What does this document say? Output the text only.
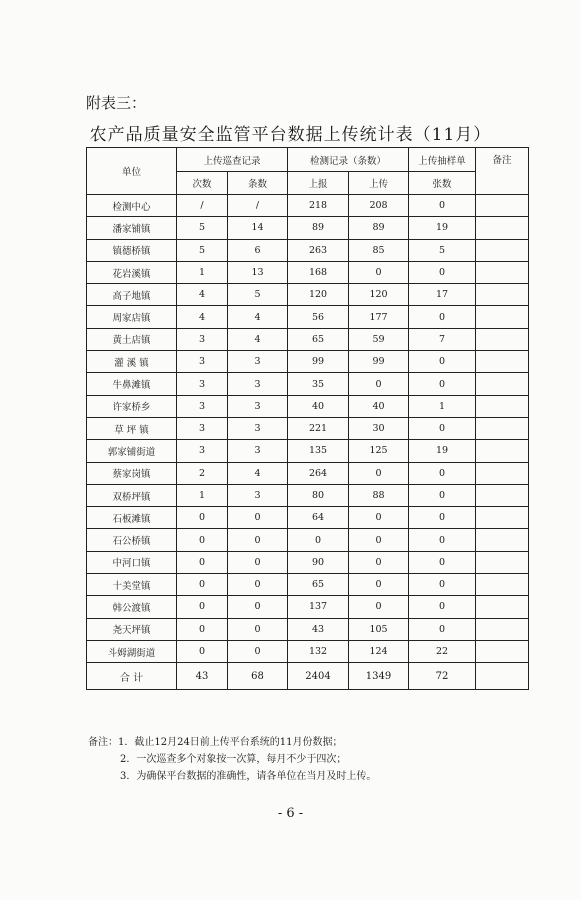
附表三：
农产品质量安全监管平台数据上传统计表（11月）
单位	上传巡查记录		检测记录（条数）		上传抽样单	备注
	次数	条数	上报	上传	张数	
检测中心	/	/	218	208	0	
潘家铺镇	5	14	89	89	19	
镇德桥镇	5	6	263	85	5	
花岩溪镇	1	13	168	0	0	
高子地镇	4	5	120	120	17	
周家店镇	4	4	56	177	0	
黄土店镇	3	4	65	59	7	
灌 溪 镇	3	3	99	99	0	
牛鼻滩镇	3	3	35	0	0	
许家桥乡	3	3	40	40	1	
草 坪 镇	3	3	221	30	0	
郭家铺街道	3	3	135	125	19	
蔡家岗镇	2	4	264	0	0	
双桥坪镇	1	3	80	88	0	
石板滩镇	0	0	64	0	0	
石公桥镇	0	0	0	0	0	
中河口镇	0	0	90	0	0	
十美堂镇	0	0	65	0	0	
韩公渡镇	0	0	137	0	0	
尧天坪镇	0	0	43	105	0	
斗姆湖街道	0	0	132	124	22	
合 计	43	68	2404	1349	72	
备注：1．截止12月24日前上传平台系统的11月份数据；
2．一次巡查多个对象按一次算，每月不少于四次；
3．为确保平台数据的准确性，请各单位在当月及时上传。
- 6 -
